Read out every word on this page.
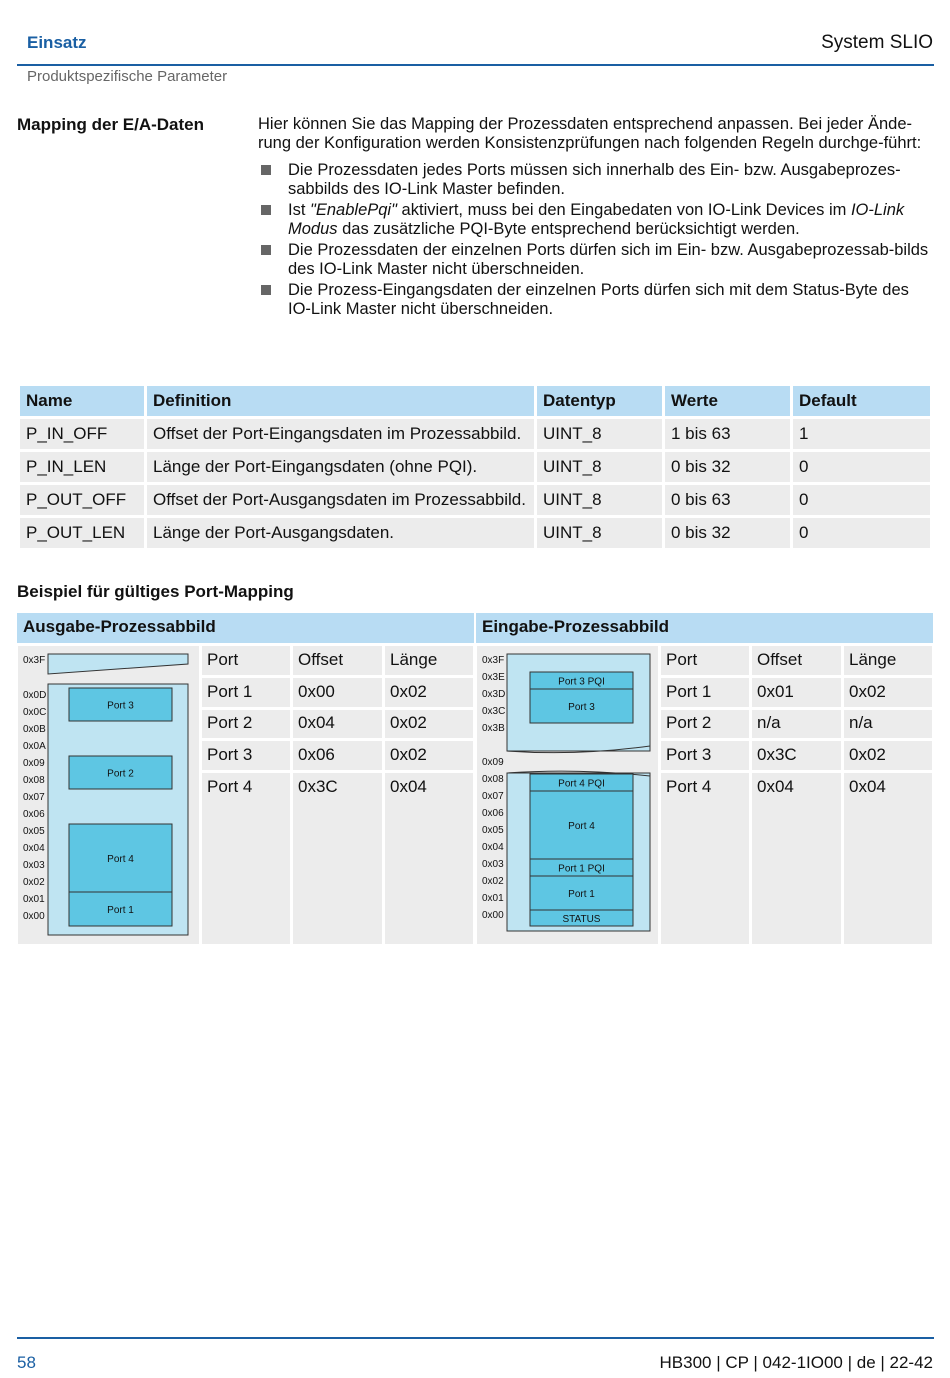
Einsatz	System SLIO
Produktspezifische Parameter
Mapping der E/A-Daten	Hier können Sie das Mapping der Prozessdaten entsprechend anpassen. Bei jeder Ände-rung der Konfiguration werden Konsistenzprüfungen nach folgenden Regeln durchge-führt:

Die Prozessdaten jedes Ports müssen sich innerhalb des Ein- bzw. Ausgabeprozes-sabbilds des IO-Link Master befinden.
Ist "EnablePqi" aktiviert, muss bei den Eingabedaten von IO-Link Devices im IO-Link Modus das zusätzliche PQI-Byte entsprechend berücksichtigt werden.
Die Prozessdaten der einzelnen Ports dürfen sich im Ein- bzw. Ausgabeprozessab-bilds des IO-Link Master nicht überschneiden.
Die Prozess-Eingangsdaten der einzelnen Ports dürfen sich mit dem Status-Byte des IO-Link Master nicht überschneiden.
Name	Definition	Datentyp	Werte	Default
P_IN_OFF	Offset der Port-Eingangsdaten im Prozessabbild.	UINT_8	1 bis 63	1
P_IN_LEN	Länge der Port-Eingangsdaten (ohne PQI).	UINT_8	0 bis 32	0
P_OUT_OFF	Offset der Port-Ausgangsdaten im Prozessabbild.	UINT_8	0 bis 63	0
P_OUT_LEN	Länge der Port-Ausgangsdaten.	UINT_8	0 bis 32	0
Beispiel für gültiges Port-Mapping
Ausgabe-Prozessabbild
0x3F
0x0D
0x0C
0x0B
0x0A
0x09
0x08
0x07
0x06
0x05
0x04
0x03
0x02
0x01
0x00
Port 3
Port 2
Port 4
Port 1
Port	Offset	Länge
Port 1	0x00	0x02
Port 2	0x04	0x02
Port 3	0x06	0x02
Port 4	0x3C	0x04
Eingabe-Prozessabbild
0x3F
0x3E
0x3D
0x3C
0x3B
0x09
0x08
0x07
0x06
0x05
0x04
0x03
0x02
0x01
0x00
Port 3 PQI
Port 3
Port 4 PQI
Port 4
Port 1 PQI
Port 1
STATUS
Port	Offset	Länge
Port 1	0x01	0x02
Port 2	n/a	n/a
Port 3	0x3C	0x02
Port 4	0x04	0x04
58	HB300 | CP | 042-1IO00 | de | 22-42
